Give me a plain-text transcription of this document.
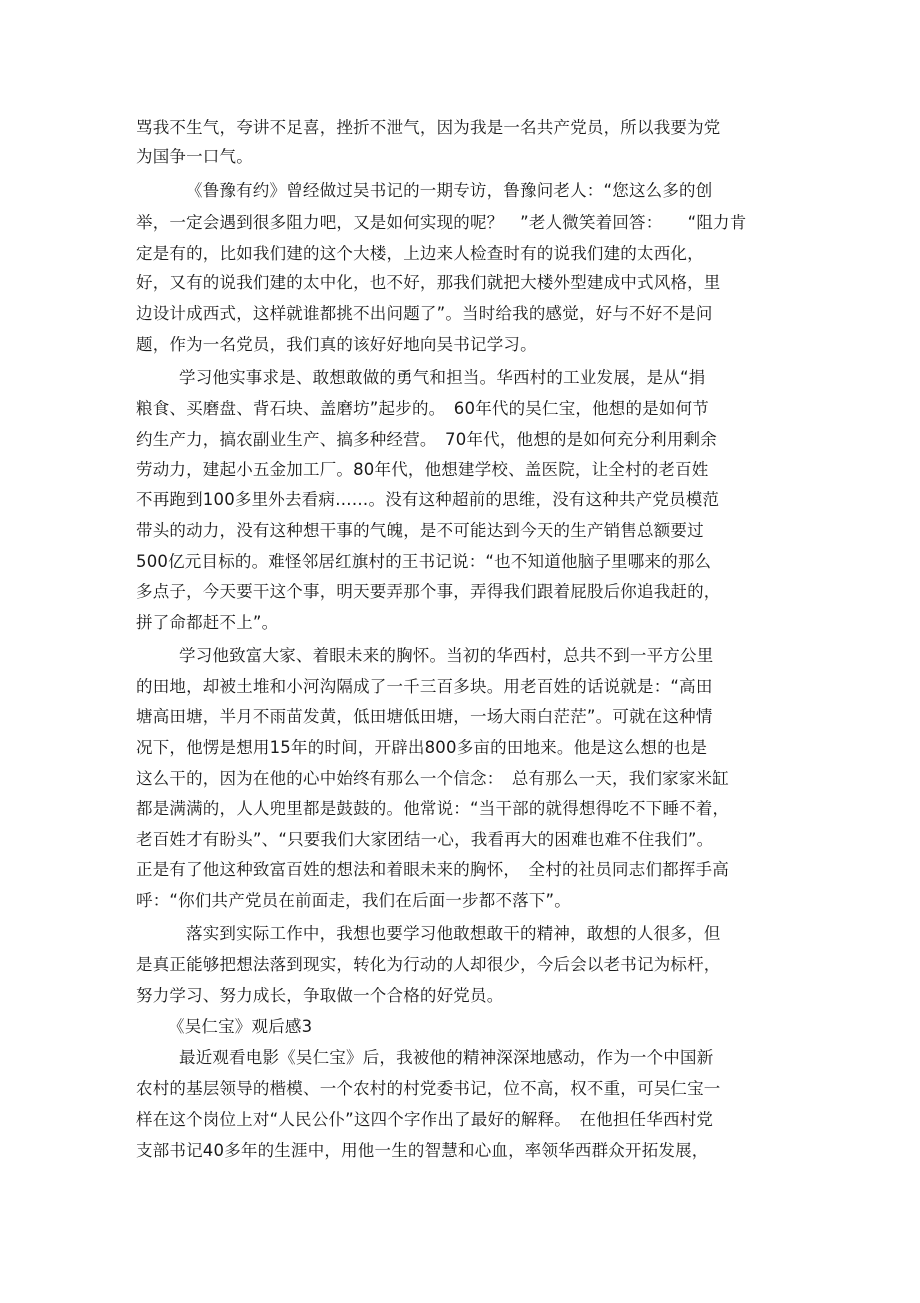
骂我不生气，夸讲不足喜，挫折不泄气，因为我是一名共产党员，所以我要为党
为国争一口气。
《鲁豫有约》曾经做过吴书记的一期专访，鲁豫问老人：“您这么多的创
举，一定会遇到很多阻力吧，又是如何实现的呢？　”老人微笑着回答：　　“阻力肯
定是有的，比如我们建的这个大楼，上边来人检查时有的说我们建的太西化，
好，又有的说我们建的太中化，也不好，那我们就把大楼外型建成中式风格，里
边设计成西式，这样就谁都挑不出问题了”。当时给我的感觉，好与不好不是问
题，作为一名党员，我们真的该好好地向吴书记学习。
学习他实事求是、敢想敢做的勇气和担当。华西村的工业发展，是从“捐
粮食、买磨盘、背石块、盖磨坊”起步的。　60年代的吴仁宝，他想的是如何节
约生产力，搞农副业生产、搞多种经营。　70年代，他想的是如何充分利用剩余
劳动力，建起小五金加工厂。80年代，他想建学校、盖医院，让全村的老百姓
不再跑到100多里外去看病……。没有这种超前的思维，没有这种共产党员模范
带头的动力，没有这种想干事的气魄，是不可能达到今天的生产销售总额要过
500亿元目标的。难怪邻居红旗村的王书记说：“也不知道他脑子里哪来的那么
多点子，今天要干这个事，明天要弄那个事，弄得我们跟着屁股后你追我赶的，
拼了命都赶不上”。
学习他致富大家、着眼未来的胸怀。当初的华西村，总共不到一平方公里
的田地，却被土堆和小河沟隔成了一千三百多块。用老百姓的话说就是：“高田
塘高田塘，半月不雨苗发黄，低田塘低田塘，一场大雨白茫茫”。可就在这种情
况下，他愣是想用15年的时间，开辟出800多亩的田地来。他是这么想的也是
这么干的，因为在他的心中始终有那么一个信念：　总有那么一天，我们家家米缸
都是满满的，人人兜里都是鼓鼓的。他常说：“当干部的就得想得吃不下睡不着，
老百姓才有盼头”、“只要我们大家团结一心，我看再大的困难也难不住我们”。
正是有了他这种致富百姓的想法和着眼未来的胸怀，　全村的社员同志们都挥手高
呼：“你们共产党员在前面走，我们在后面一步都不落下”。
落实到实际工作中，我想也要学习他敢想敢干的精神，敢想的人很多，但
是真正能够把想法落到现实，转化为行动的人却很少，今后会以老书记为标杆，
努力学习、努力成长，争取做一个合格的好党员。
《吴仁宝》观后感3
最近观看电影《吴仁宝》后，我被他的精神深深地感动，作为一个中国新
农村的基层领导的楷模、一个农村的村党委书记，位不高，权不重，可吴仁宝一
样在这个岗位上对“人民公仆”这四个字作出了最好的解释。　在他担任华西村党
支部书记40多年的生涯中，用他一生的智慧和心血，率领华西群众开拓发展，
